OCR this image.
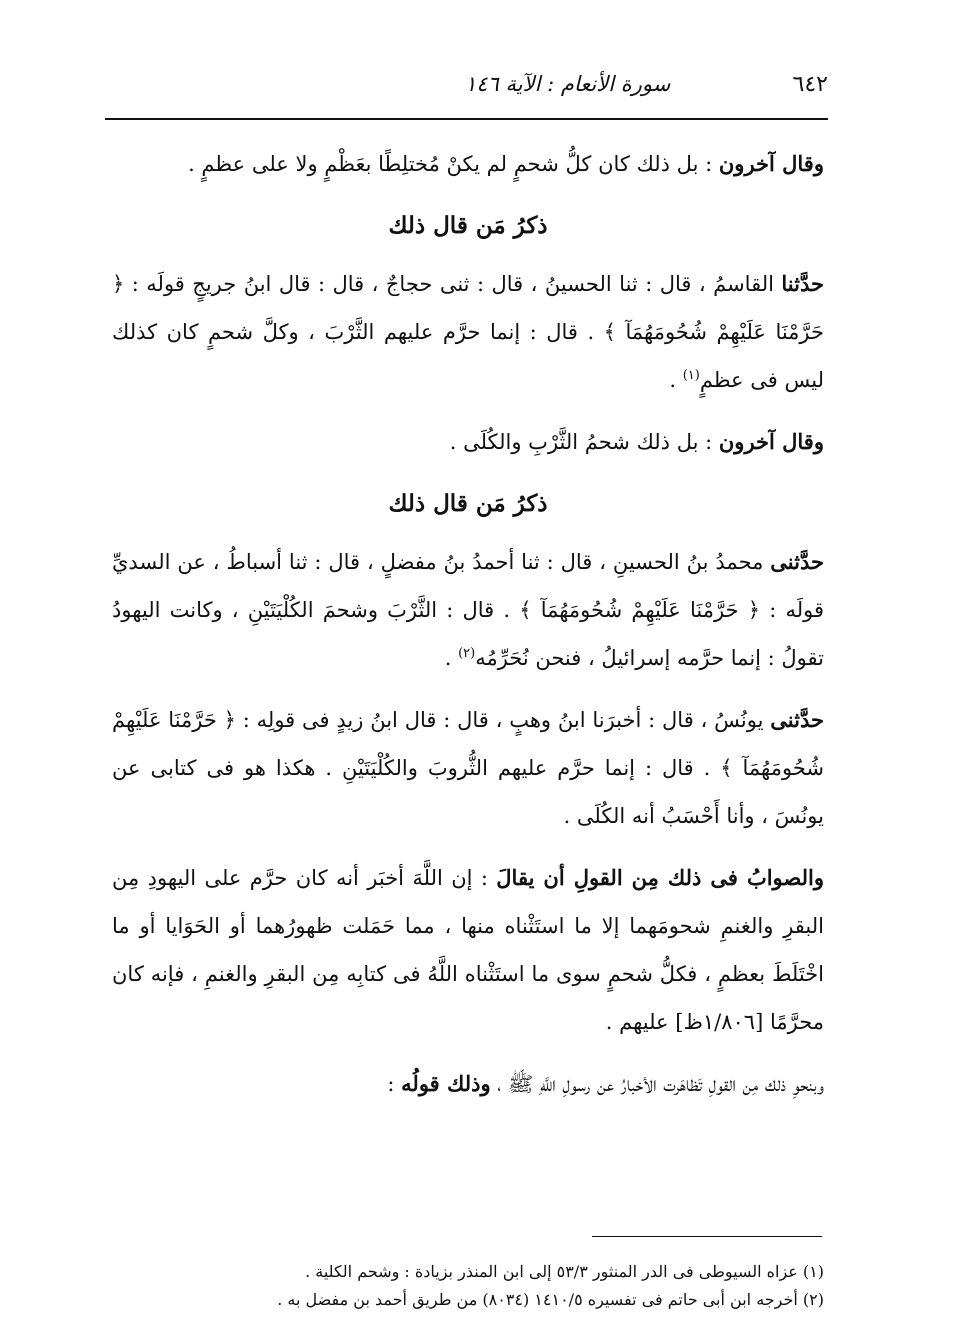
٦٤٢
سورة الأنعام : الآية ١٤٦

وقال آخرون : بل ذلك كان كلُّ شحمٍ لم يكنْ مُختلِطًا بعَظْمٍ ولا على عظمٍ .

ذكرُ مَن قال ذلك

حدَّثنا القاسمُ ، قال : ثنا الحسينُ ، قال : ثنى حجاجٌ ، قال : قال ابنُ جريجٍ قولَه : ﴿ حَرَّمْنَا عَلَيْهِمْ شُحُومَهُمَآ ﴾ . قال : إنما حرَّم عليهم الثَّرْبَ ، وكلَّ شحمٍ كان كذلك ليس فى عظمٍ$^{(١)}$ .

وقال آخرون : بل ذلك شحمُ الثَّرْبِ والكُلَى .

ذكرُ مَن قال ذلك

حدَّثنى محمدُ بنُ الحسينِ ، قال : ثنا أحمدُ بنُ مفضلٍ ، قال : ثنا أسباطُ ، عن السديِّ قولَه : ﴿ حَرَّمْنَا عَلَيْهِمْ شُحُومَهُمَآ ﴾ . قال : الثَّرْبَ وشحمَ الكُلْيَتَيْنِ ، وكانت اليهودُ تقولُ : إنما حرَّمه إسرائيلُ ، فنحن نُحَرِّمُه$^{(٢)}$ .

حدَّثنى يونُسُ ، قال : أخبرَنا ابنُ وهبٍ ، قال : قال ابنُ زيدٍ فى قولِه : ﴿ حَرَّمْنَا عَلَيْهِمْ شُحُومَهُمَآ ﴾ . قال : إنما حرَّم عليهم الثُّروبَ والكُلْيَتَيْنِ . هكذا هو فى كتابى عن يونُسَ ، وأنا أَحْسَبُ أنه الكُلَى .

والصوابُ فى ذلك مِن القولِ أن يقالَ : إن اللَّهَ أخبَر أنه كان حرَّم على اليهودِ مِن البقرِ والغنمِ شحومَهما إلا ما استَثْناه منها ، مما حَمَلت ظهورُهما أو الحَوَايا أو ما اخْتَلَطَ بعظمٍ ، فكلُّ شحمٍ سوى ما استَثْناه اللَّهُ فى كتابِه مِن البقرِ والغنمِ ، فإنه كان محرَّمًا [١/٨٠٦ظ] عليهم .

وبنحوِ ذلك مِن القولِ تَظاهَرت الأخبارُ عن رسولِ اللَّهِ ﷺ ، وذلك قولُه :

(١) عزاه السيوطى فى الدر المنثور ٥٣/٣ إلى ابن المنذر بزيادة : وشحم الكلية .

(٢) أخرجه ابن أبى حاتم فى تفسيره ١٤١٠/٥ (٨٠٣٤) من طريق أحمد بن مفضل به .
